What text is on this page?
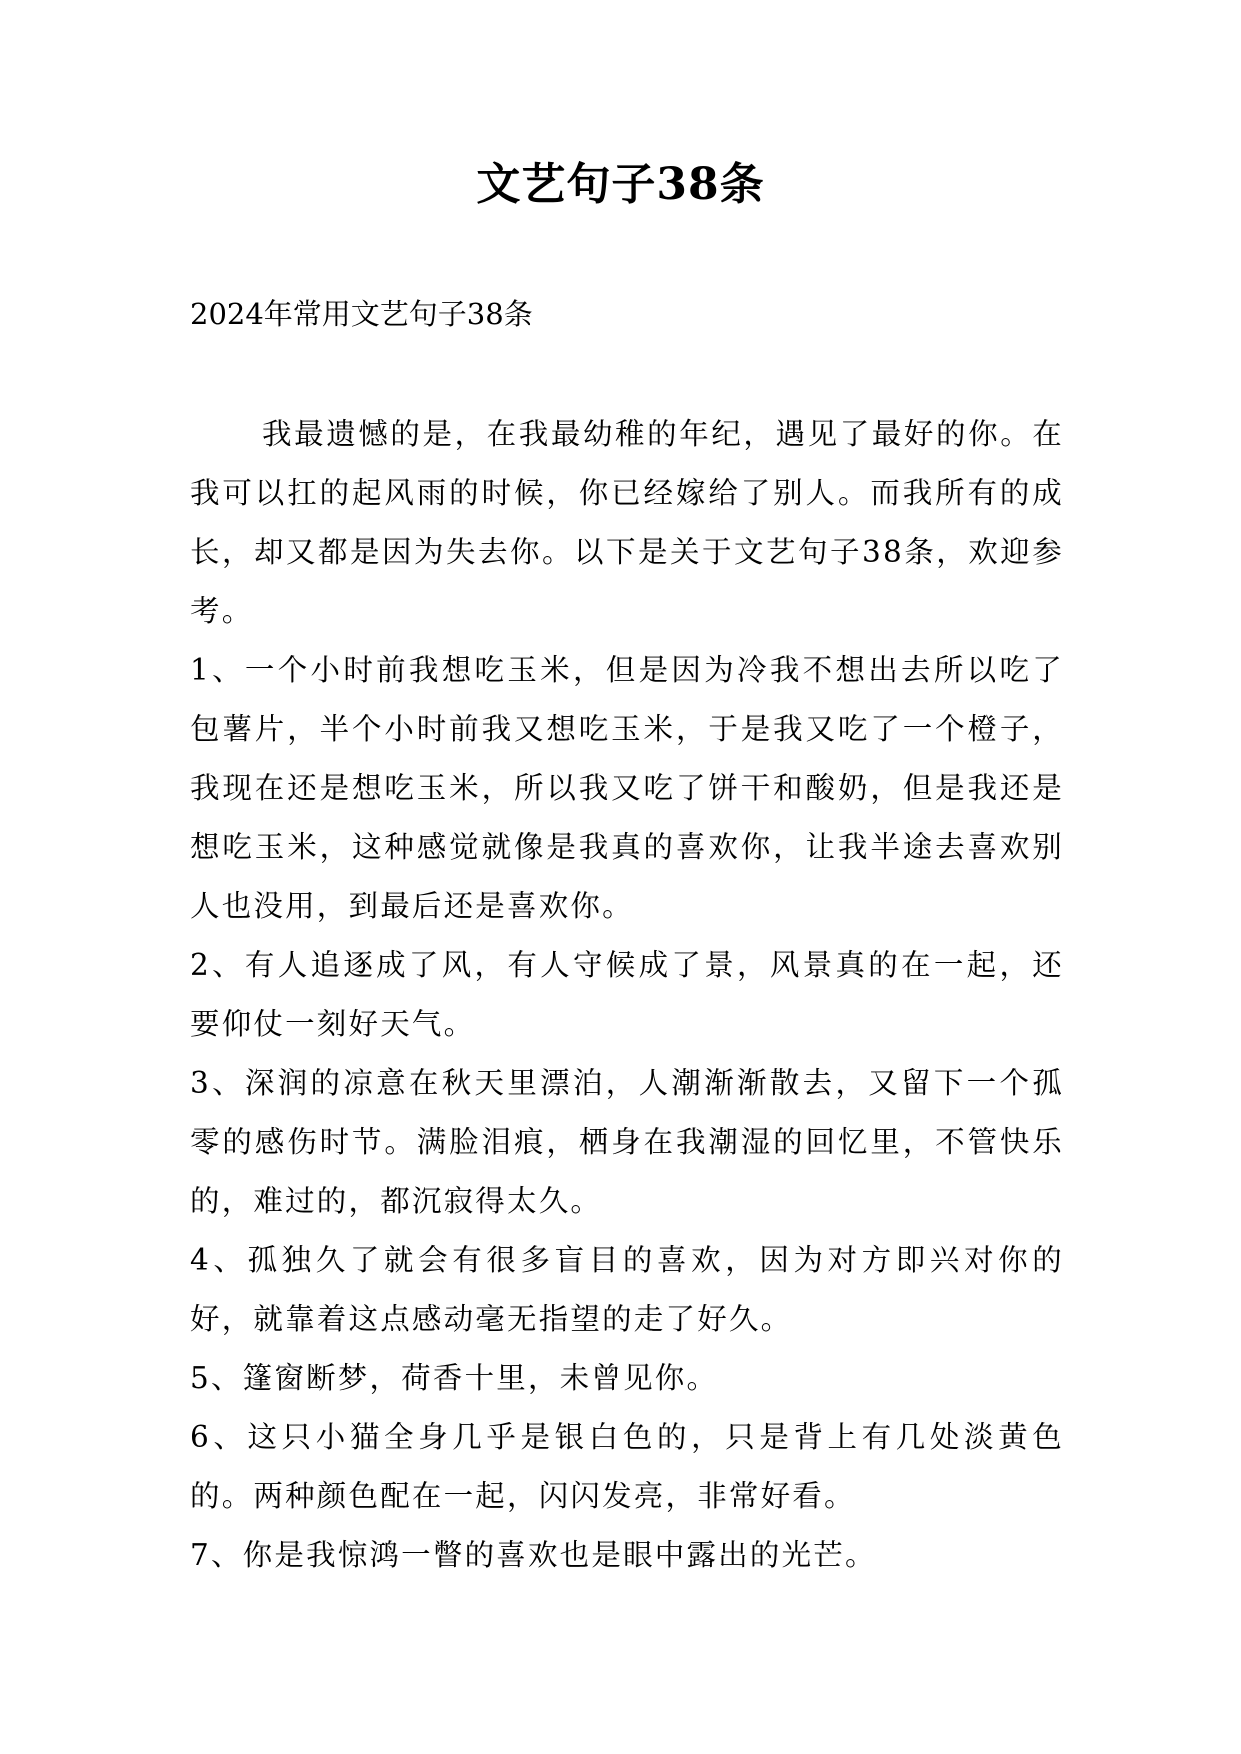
文艺句子38条

2024年常用文艺句子38条

我最遗憾的是，在我最幼稚的年纪，遇见了最好的你。在我可以扛的起风雨的时候，你已经嫁给了别人。而我所有的成长，却又都是因为失去你。以下是关于文艺句子38条，欢迎参考。

1、一个小时前我想吃玉米，但是因为冷我不想出去所以吃了包薯片，半个小时前我又想吃玉米，于是我又吃了一个橙子，我现在还是想吃玉米，所以我又吃了饼干和酸奶，但是我还是想吃玉米，这种感觉就像是我真的喜欢你，让我半途去喜欢别人也没用，到最后还是喜欢你。

2、有人追逐成了风，有人守候成了景，风景真的在一起，还要仰仗一刻好天气。

3、深润的凉意在秋天里漂泊，人潮渐渐散去，又留下一个孤零的感伤时节。满脸泪痕，栖身在我潮湿的回忆里，不管快乐的，难过的，都沉寂得太久。

4、孤独久了就会有很多盲目的喜欢，因为对方即兴对你的好，就靠着这点感动毫无指望的走了好久。

5、篷窗断梦，荷香十里，未曾见你。

6、这只小猫全身几乎是银白色的，只是背上有几处淡黄色的。两种颜色配在一起，闪闪发亮，非常好看。

7、你是我惊鸿一瞥的喜欢也是眼中露出的光芒。
